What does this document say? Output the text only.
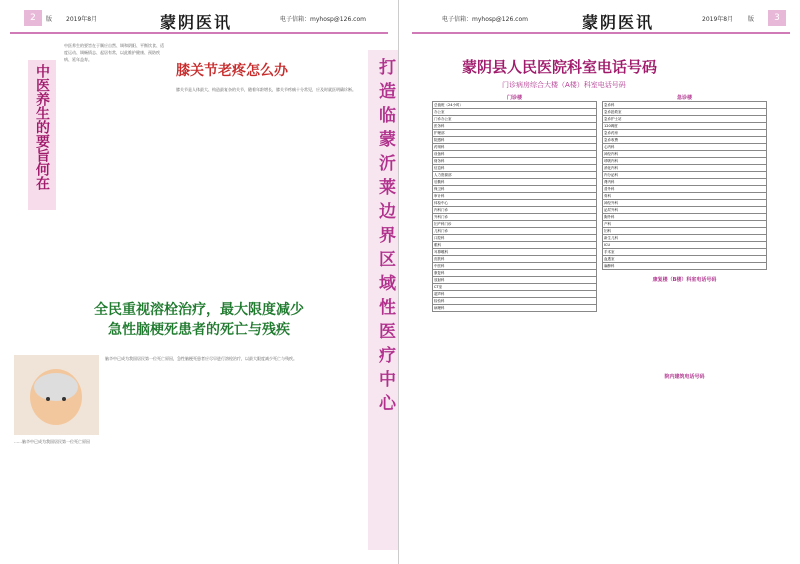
2	版 2019年8月	蒙阴医讯	电子信箱：myhosp@126.com
中医养生的要旨何在
中医养生的要旨在于顺应自然、调和阴阳、平衡饮食、适度运动、调畅情志、起居有常，以此维护健康、预防疾病、延年益寿。
膝关节老疼怎么办
膝关节是人体最大、构造最复杂的关节，随着年龄增长，膝关节疼痛十分常见，应及时就医明确诊断。
全民重视溶栓治疗，最大限度减少
急性脑梗死患者的死亡与残疾
……脑卒中已成为我国居民第一位死亡原因
脑卒中已成为我国居民第一位死亡原因，急性脑梗死患者应尽早进行溶栓治疗，以最大限度减少死亡与残疾。	打造临蒙沂莱边界区域性医疗中心
电子信箱：myhosp@126.com	蒙阴医讯	2019年8月 版	3
蒙阴县人民医院科室电话号码
门诊病房综合大楼（A楼）科室电话号码
门诊楼
总值班（24小时）
办公室
门诊办公室
医务科
护理部
院感科
药剂科
设备科
财务科
信息科
人力资源部
后勤科
保卫科
审计科
体检中心
内科门诊
外科门诊
妇产科门诊
儿科门诊
口腔科
眼科
耳鼻喉科
皮肤科
中医科
康复科
放射科
CT室
超声科
检验科
病理科
急诊楼
急诊科
急诊抢救室
急诊护士站
120调度
急诊药房
急诊收费
心内科
神经内科
呼吸内科
消化内科
内分泌科
肾内科
普外科
骨科
神经外科
泌尿外科
胸外科
产科
妇科
新生儿科
ICU
手术室
血透室
麻醉科
康复楼（B楼）科室电话号码
院内建筑电话号码
